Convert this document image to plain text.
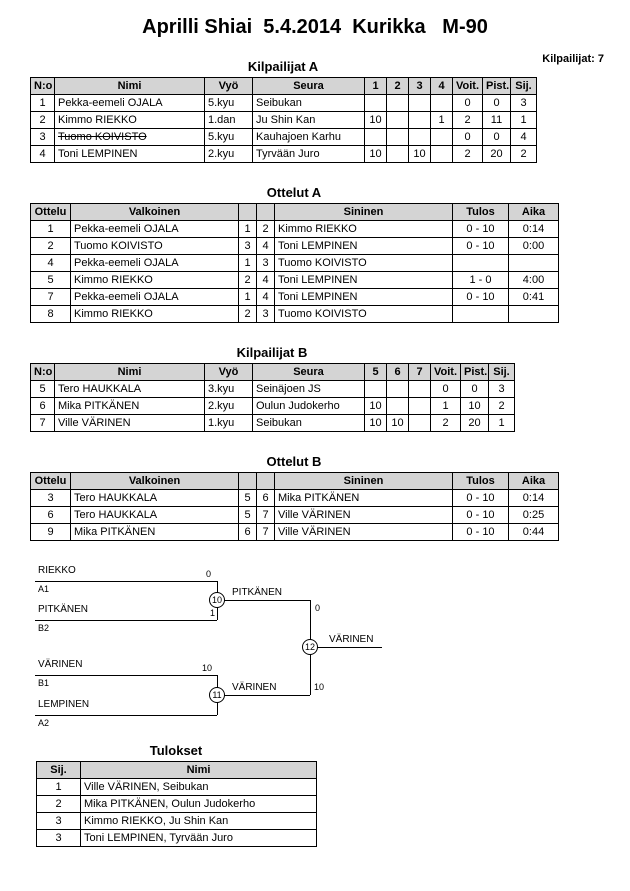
Aprilli Shiai  5.4.2014  Kurikka   M-90
Kilpailijat: 7
Kilpailijat A
N:o	Nimi	Vyö	Seura	1	2	3	4	Voit.	Pist.	Sij.
1	Pekka-eemeli OJALA	5.kyu	Seibukan					0	0	3
2	Kimmo RIEKKO	1.dan	Ju Shin Kan	10			1	2	11	1
3	Tuomo KOIVISTO	5.kyu	Kauhajoen Karhu					0	0	4
4	Toni LEMPINEN	2.kyu	Tyrvään Juro	10		10		2	20	2
Ottelut A
Ottelu	Valkoinen			Sininen	Tulos	Aika
1	Pekka-eemeli OJALA	1	2	Kimmo RIEKKO	0 - 10	0:14
2	Tuomo KOIVISTO	3	4	Toni LEMPINEN	0 - 10	0:00
4	Pekka-eemeli OJALA	1	3	Tuomo KOIVISTO		
5	Kimmo RIEKKO	2	4	Toni LEMPINEN	1 - 0	4:00
7	Pekka-eemeli OJALA	1	4	Toni LEMPINEN	0 - 10	0:41
8	Kimmo RIEKKO	2	3	Tuomo KOIVISTO		
Kilpailijat B
N:o	Nimi	Vyö	Seura	5	6	7	Voit.	Pist.	Sij.
5	Tero HAUKKALA	3.kyu	Seinäjoen JS				0	0	3
6	Mika PITKÄNEN	2.kyu	Oulun Judokerho	10			1	10	2
7	Ville VÄRINEN	1.kyu	Seibukan	10	10		2	20	1
Ottelut B
Ottelu	Valkoinen			Sininen	Tulos	Aika
3	Tero HAUKKALA	5	6	Mika PITKÄNEN	0 - 10	0:14
6	Tero HAUKKALA	5	7	Ville VÄRINEN	0 - 10	0:25
9	Mika PITKÄNEN	6	7	Ville VÄRINEN	0 - 10	0:44
RIEKKO
A1
0
PITKÄNEN
B2
1
PITKÄNEN
10
0
VÄRINEN
12
10
VÄRINEN
B1
10
LEMPINEN
A2
VÄRINEN
11
Tulokset
Sij.	Nimi
1	Ville VÄRINEN, Seibukan
2	Mika PITKÄNEN, Oulun Judokerho
3	Kimmo RIEKKO, Ju Shin Kan
3	Toni LEMPINEN, Tyrvään Juro
